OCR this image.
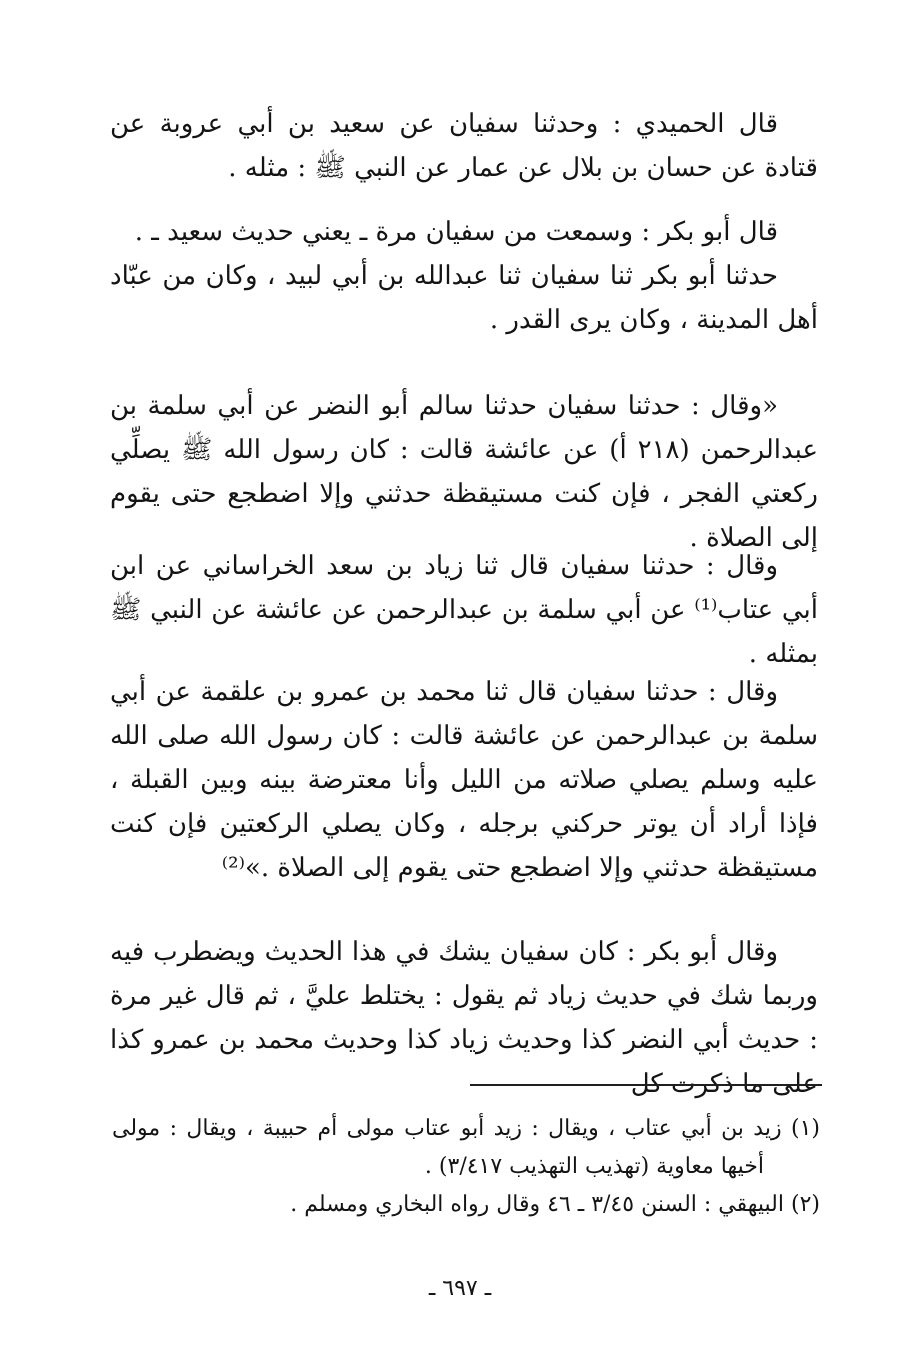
قال الحميدي : وحدثنا سفيان عن سعيد بن أبي عروبة عن قتادة عن حسان بن بلال عن عمار عن النبي ﷺ : مثله .

قال أبو بكر : وسمعت من سفيان مرة ـ يعني حديث سعيد ـ .

حدثنا أبو بكر ثنا سفيان ثنا عبدالله بن أبي لبيد ، وكان من عبّاد أهل المدينة ، وكان يرى القدر .

«وقال : حدثنا سفيان حدثنا سالم أبو النضر عن أبي سلمة بن عبدالرحمن (٢١٨ أ) عن عائشة قالت : كان رسول الله ﷺ يصلِّي ركعتي الفجر ، فإن كنت مستيقظة حدثني وإلا اضطجع حتى يقوم إلى الصلاة .

وقال : حدثنا سفيان قال ثنا زياد بن سعد الخراساني عن ابن أبي عتاب⁽¹⁾ عن أبي سلمة بن عبدالرحمن عن عائشة عن النبي ﷺ بمثله .

وقال : حدثنا سفيان قال ثنا محمد بن عمرو بن علقمة عن أبي سلمة بن عبدالرحمن عن عائشة قالت : كان رسول الله صلى الله عليه وسلم يصلي صلاته من الليل وأنا معترضة بينه وبين القبلة ، فإذا أراد أن يوتر حركني برجله ، وكان يصلي الركعتين فإن كنت مستيقظة حدثني وإلا اضطجع حتى يقوم إلى الصلاة .»⁽²⁾

وقال أبو بكر : كان سفيان يشك في هذا الحديث ويضطرب فيه وربما شك في حديث زياد ثم يقول : يختلط عليَّ ، ثم قال غير مرة : حديث أبي النضر كذا وحديث زياد كذا وحديث محمد بن عمرو كذا على ما ذكرت كل

(١) زيد بن أبي عتاب ، ويقال : زيد أبو عتاب مولى أم حبيبة ، ويقال : مولى أخيها معاوية (تهذيب التهذيب ٣/٤١٧) .

(٢) البيهقي : السنن ٣/٤٥ ـ ٤٦ وقال رواه البخاري ومسلم .

ـ ٦٩٧ ـ
